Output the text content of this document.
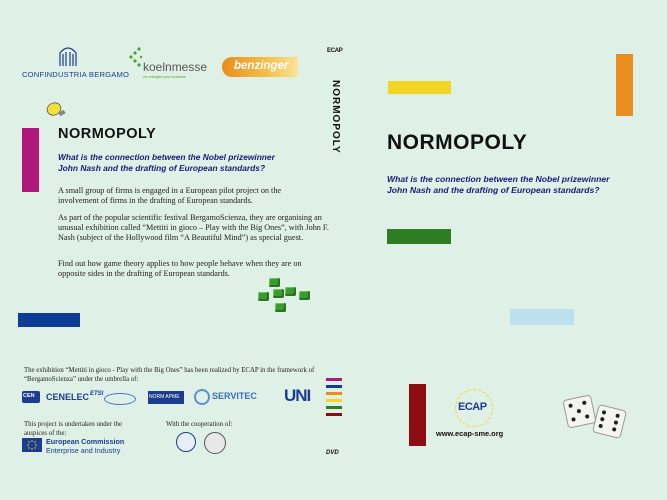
CONFINDUSTRIA BERGAMO
koelnmesse
we energize your business
benzinger
NORMOPOLY
What is the connection between the Nobel prizewinner John Nash and the drafting of European standards?
A small group of firms is engaged in a European pilot project on the involvement of firms in the drafting of European standards.
As part of the popular scientific festival BergamoScienza, they are organising an unusual exhibition called “Mettiti in gioco – Play with the Big Ones”, with John F. Nash (subject of the Hollywood film “A Beautiful Mind”) as special guest.
Find out how game theory applies to how people behave when they are on opposite sides in the drafting of European standards.
The exhibition “Mettiti in gioco - Play with the Big Ones” has been realized by ECAP in the framework of “BergamoScienza” under the umbrella of:
CEN CENELEC ETSI	NORM APME	SERVITEC UNI
This project is undertaken under the auspices of the:
European Commission
Enterprise and Industry
With the cooperation of:
ECAP
NORMOPOLY
DVD
NORMOPOLY
What is the connection between the Nobel prizewinner John Nash and the drafting of European standards?
ECAP
www.ecap-sme.org
